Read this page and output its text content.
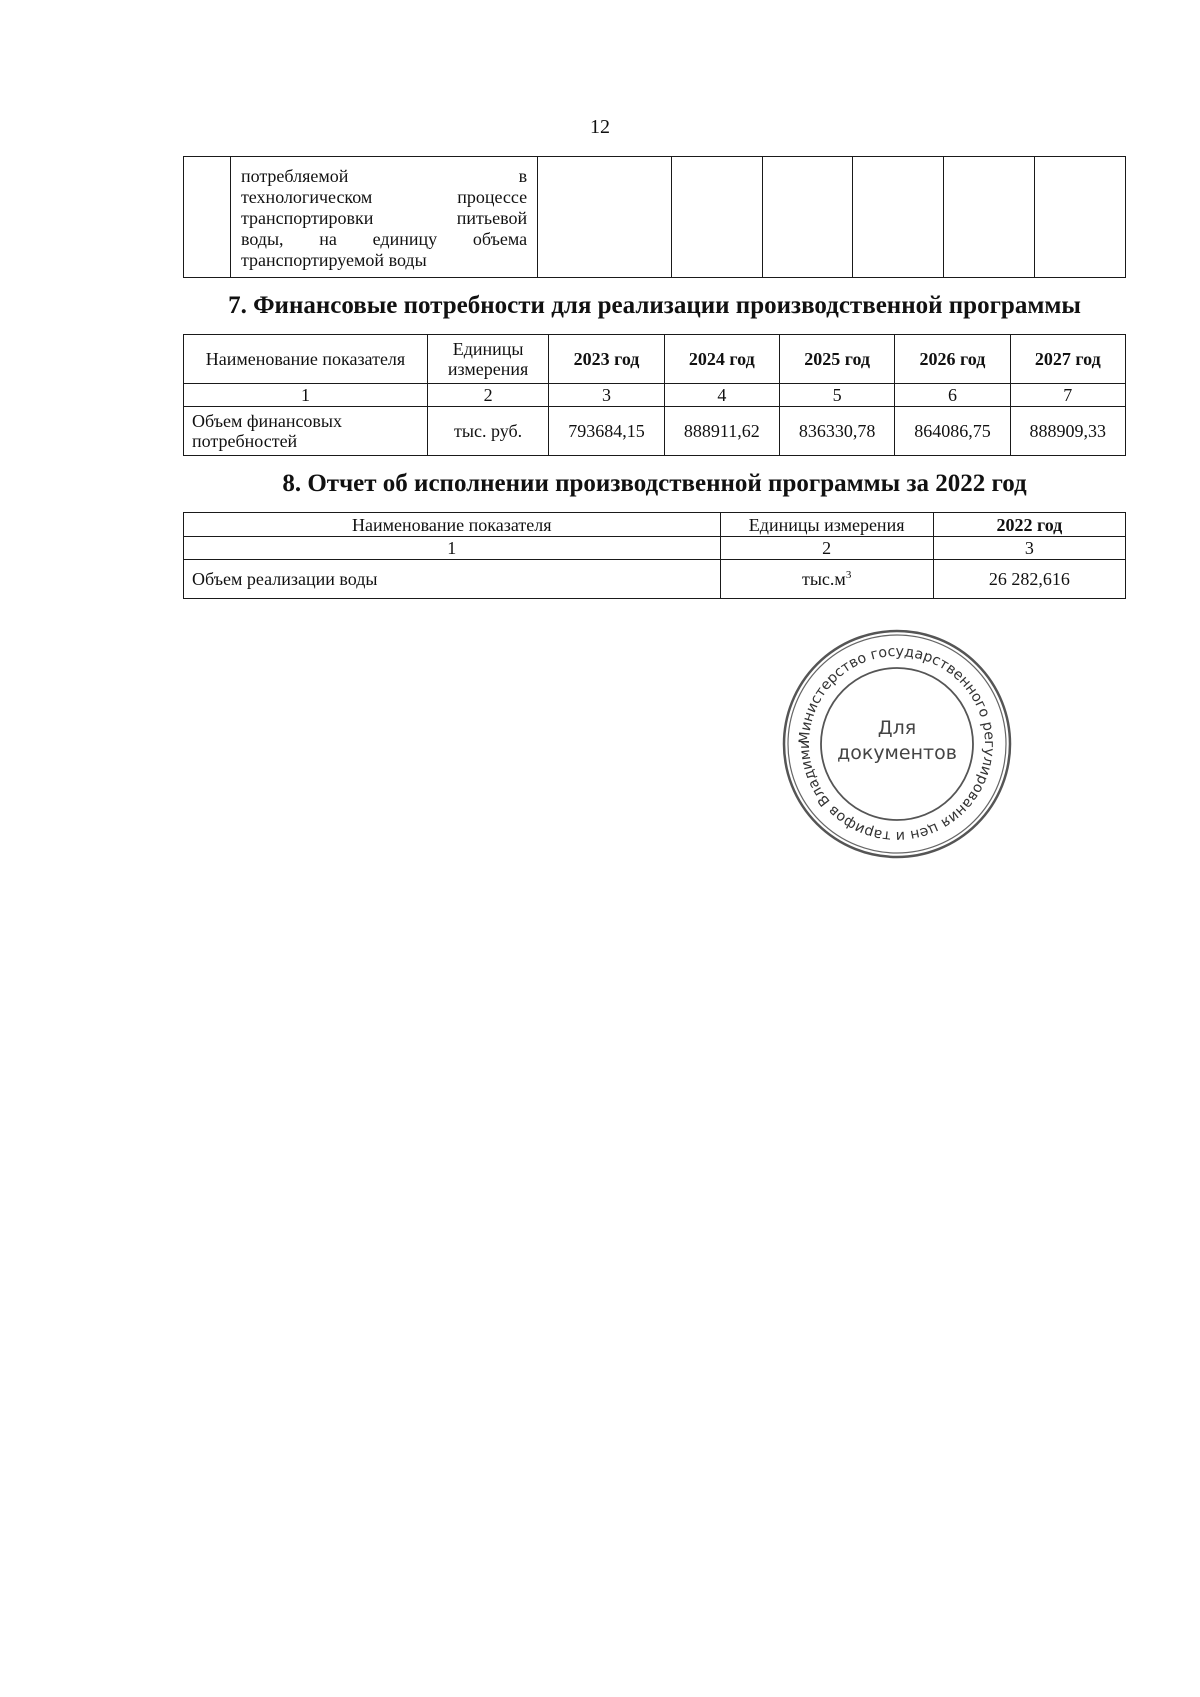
12

потребляемой в
технологическом процессе
транспортировки питьевой
воды, на единицу объема
транспортируемой воды

7. Финансовые потребности для реализации производственной программы
Наименование показателя	Единицы измерения	2023 год	2024 год	2025 год	2026 год	2027 год
1	2	3	4	5	6	7
Объем финансовых потребностей	тыс. руб.	793684,15	888911,62	836330,78	864086,75	888909,33
8. Отчет об исполнении производственной программы за 2022 год
Наименование показателя	Единицы измерения	2022 год
1	2	3
Объем реализации воды	$тыс.м^3$	26 282,616
Министерство государственного регулирования цен и тарифов Владими
Для
документов
